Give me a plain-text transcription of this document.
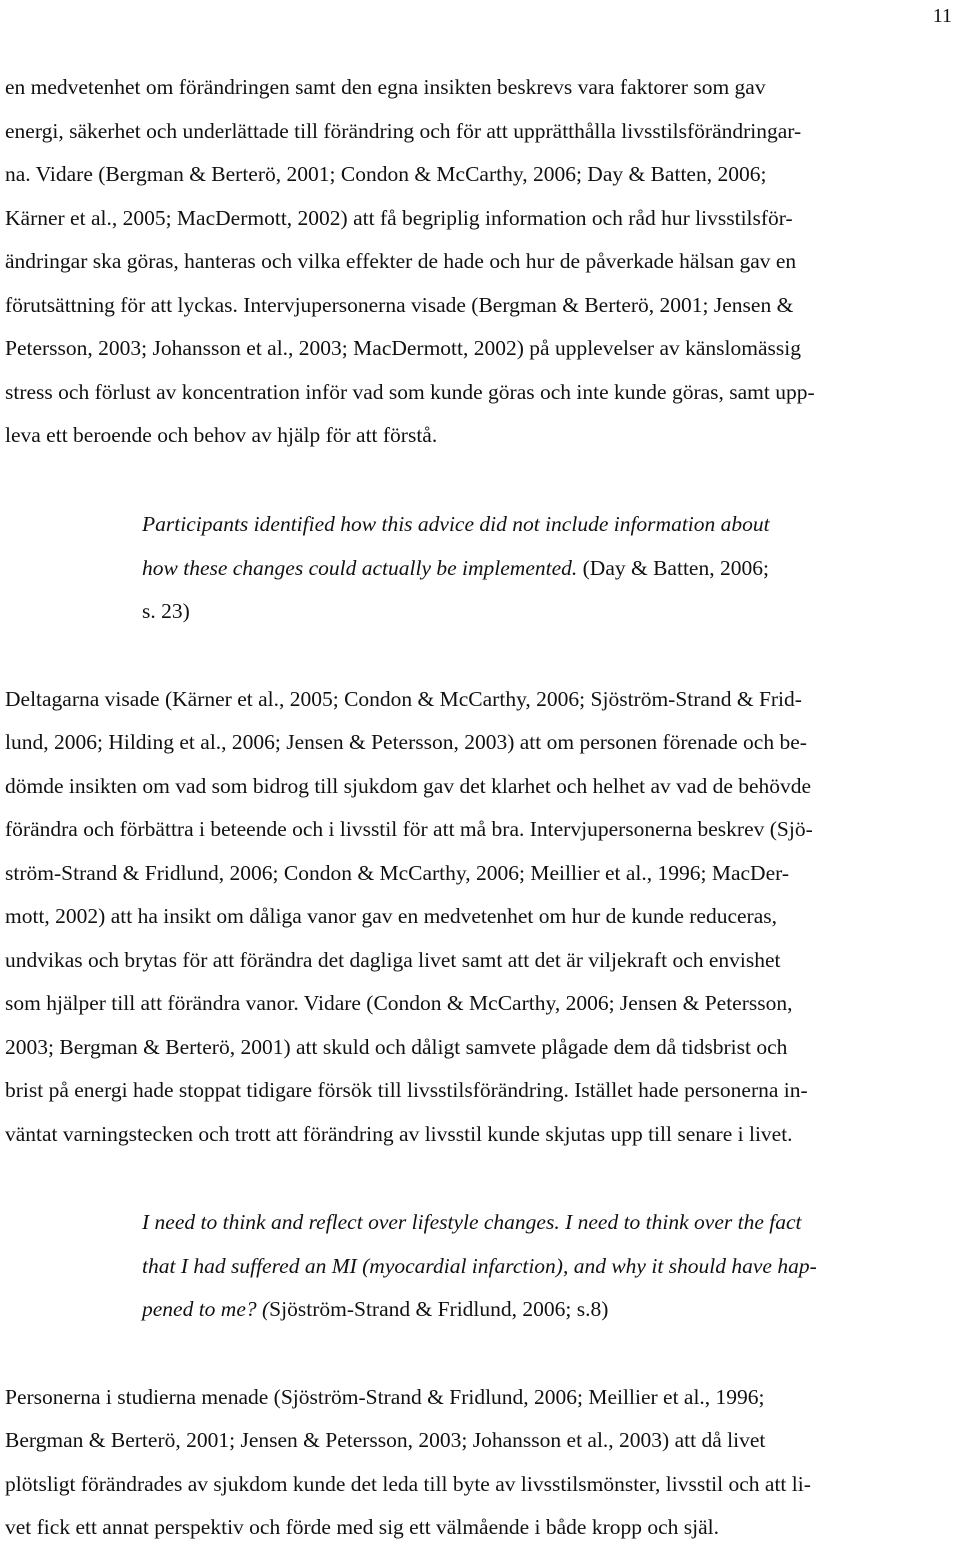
11
en medvetenhet om förändringen samt den egna insikten beskrevs vara faktorer som gav
energi, säkerhet och underlättade till förändring och för att upprätthålla livsstilsförändringar-
na. Vidare (Bergman & Berterö, 2001; Condon & McCarthy, 2006; Day & Batten, 2006;
Kärner et al., 2005; MacDermott, 2002) att få begriplig information och råd hur livsstilsför-
ändringar ska göras, hanteras och vilka effekter de hade och hur de påverkade hälsan gav en
förutsättning för att lyckas. Intervjupersonerna visade (Bergman & Berterö, 2001; Jensen &
Petersson, 2003; Johansson et al., 2003; MacDermott, 2002) på upplevelser av känslomässig
stress och förlust av koncentration inför vad som kunde göras och inte kunde göras, samt upp-
leva ett beroende och behov av hjälp för att förstå.
Participants identified how this advice did not include information about
how these changes could actually be implemented. (Day & Batten, 2006;
s. 23)
Deltagarna visade (Kärner et al., 2005; Condon & McCarthy, 2006; Sjöström-Strand & Frid-
lund, 2006; Hilding et al., 2006; Jensen & Petersson, 2003) att om personen förenade och be-
dömde insikten om vad som bidrog till sjukdom gav det klarhet och helhet av vad de behövde
förändra och förbättra i beteende och i livsstil för att må bra. Intervjupersonerna beskrev (Sjö-
ström-Strand & Fridlund, 2006; Condon & McCarthy, 2006; Meillier et al., 1996; MacDer-
mott, 2002) att ha insikt om dåliga vanor gav en medvetenhet om hur de kunde reduceras,
undvikas och brytas för att förändra det dagliga livet samt att det är viljekraft och envishet
som hjälper till att förändra vanor. Vidare (Condon & McCarthy, 2006; Jensen & Petersson,
2003; Bergman & Berterö, 2001) att skuld och dåligt samvete plågade dem då tidsbrist och
brist på energi hade stoppat tidigare försök till livsstilsförändring. Istället hade personerna in-
väntat varningstecken och trott att förändring av livsstil kunde skjutas upp till senare i livet.
I need to think and reflect over lifestyle changes. I need to think over the fact
that I had suffered an MI (myocardial infarction), and why it should have hap-
pened to me? (Sjöström-Strand & Fridlund, 2006; s.8)
Personerna i studierna menade (Sjöström-Strand & Fridlund, 2006; Meillier et al., 1996;
Bergman & Berterö, 2001; Jensen & Petersson, 2003; Johansson et al., 2003) att då livet
plötsligt förändrades av sjukdom kunde det leda till byte av livsstilsmönster, livsstil och att li-
vet fick ett annat perspektiv och förde med sig ett välmående i både kropp och själ.
